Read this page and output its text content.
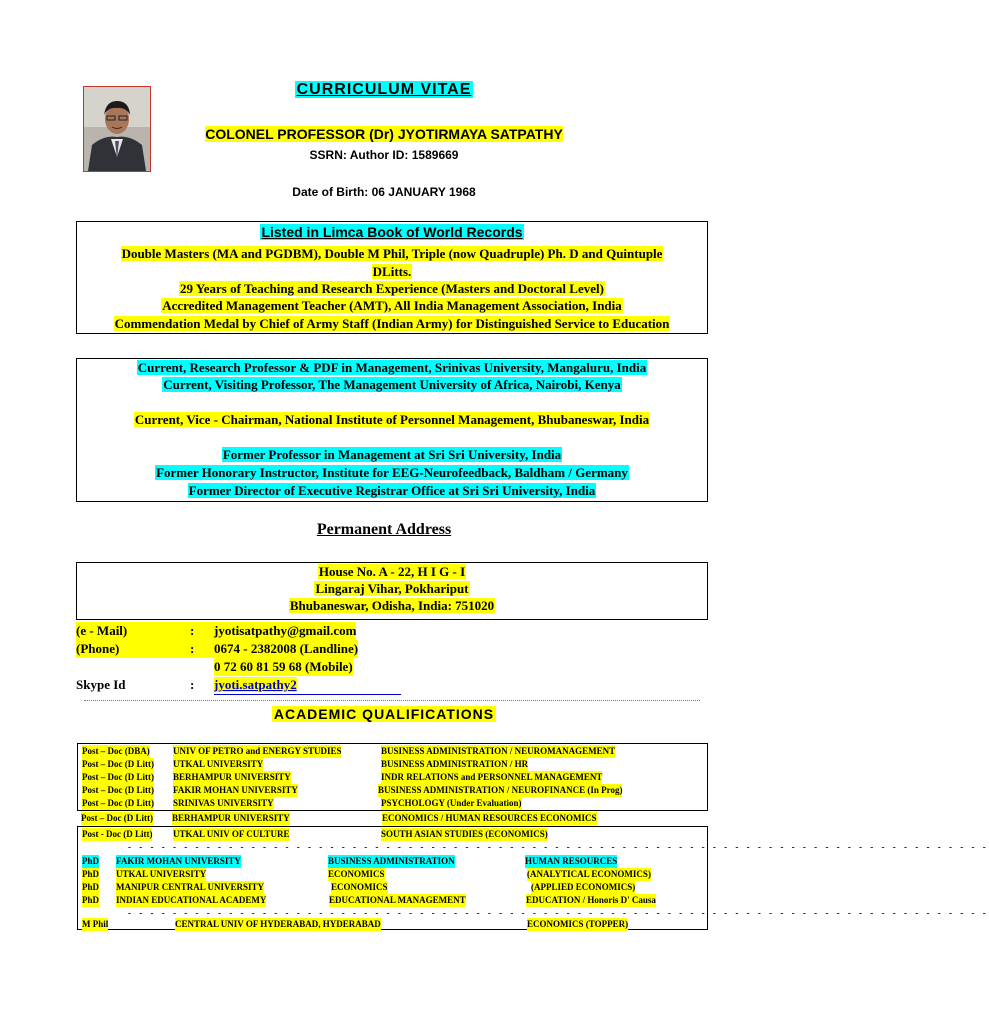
CURRICULUM VITAE
COLONEL PROFESSOR (Dr) JYOTIRMAYA SATPATHY
SSRN: Author ID: 1589669
Date of Birth: 06 JANUARY 1968
Listed in Limca Book of World Records
Double Masters (MA and PGDBM), Double M Phil, Triple (now Quadruple) Ph. D and Quintuple
DLitts.
29 Years of Teaching and Research Experience (Masters and Doctoral Level)
Accredited Management Teacher (AMT), All India Management Association, India
Commendation Medal by Chief of Army Staff (Indian Army) for Distinguished Service to Education
Current, Research Professor & PDF in Management, Srinivas University, Mangaluru, India
Current, Visiting Professor, The Management University of Africa, Nairobi, Kenya
Current, Vice - Chairman, National Institute of Personnel Management, Bhubaneswar, India
Former Professor in Management at Sri Sri University, India
Former Honorary Instructor, Institute for EEG-Neurofeedback, Baldham / Germany
Former Director of Executive Registrar Office at Sri Sri University, India
Permanent Address
House No. A - 22, H I G - I
Lingaraj Vihar, Pokhariput
Bhubaneswar, Odisha, India: 751020
(e - Mail)	:	jyotisatpathy@gmail.com
(Phone)	:	0674 - 2382008 (Landline)
0 72 60 81 59 68 (Mobile)
Skype Id	: jyoti.satpathy2
ACADEMIC QUALIFICATIONS
Post – Doc (DBA)	UNIV OF PETRO and ENERGY STUDIES	BUSINESS ADMINISTRATION / NEUROMANAGEMENT
Post – Doc (D Litt) UTKAL UNIVERSITY	BUSINESS ADMINISTRATION / HR
Post – Doc (D Litt) BERHAMPUR UNIVERSITY	INDR RELATIONS and PERSONNEL MANAGEMENT
Post – Doc (D Litt) FAKIR MOHAN UNIVERSITY	BUSINESS ADMINISTRATION / NEUROFINANCE (In Prog)
Post – Doc (D Litt) SRINIVAS UNIVERSITY	PSYCHOLOGY (Under Evaluation)
Post – Doc (D Litt) BERHAMPUR UNIVERSITY	ECONOMICS / HUMAN RESOURCES ECONOMICS
Post - Doc (D Litt) UTKAL UNIV OF CULTURE	SOUTH ASIAN STUDIES (ECONOMICS)
- - - - - - - - - - - - - - - - - - - - - - - - - - - - - - - - - - - - - - - - - - - - - - - - - - - - - - - - - - - - - - - - - - - - - - - - - - - - -
PhD FAKIR MOHAN UNIVERSITY	BUSINESS ADMINISTRATION	HUMAN RESOURCES
PhD UTKAL UNIVERSITY	ECONOMICS	(ANALYTICAL ECONOMICS)
PhD MANIPUR CENTRAL UNIVERSITY	ECONOMICS	(APPLIED ECONOMICS)
PhD INDIAN EDUCATIONAL ACADEMY	EDUCATIONAL MANAGEMENT	EDUCATION / Honoris D' Causa
- - - - - - - - - - - - - - - - - - - - - - - - - - - - - - - - - - - - - - - - - - - - - - - - - - - - - - - - - - - - - - - - - - - - - - - - - - - - -
M Phil	CENTRAL UNIV OF HYDERABAD, HYDERABAD	ECONOMICS (TOPPER)
